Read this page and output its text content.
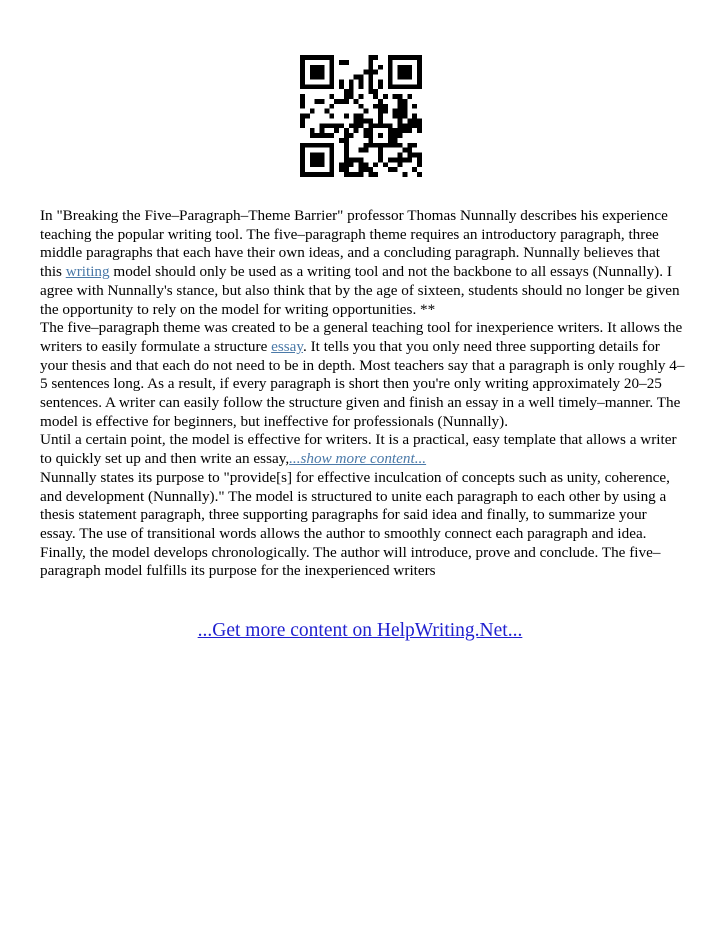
In "Breaking the Five–Paragraph–Theme Barrier" professor Thomas Nunnally describes his experience teaching the popular writing tool. The five–paragraph theme requires an introductory paragraph, three middle paragraphs that each have their own ideas, and a concluding paragraph. Nunnally believes that this writing model should only be used as a writing tool and not the backbone to all essays (Nunnally). I agree with Nunnally's stance, but also think that by the age of sixteen, students should no longer be given the opportunity to rely on the model for writing opportunities. **

The five–paragraph theme was created to be a general teaching tool for inexperience writers. It allows the writers to easily formulate a structure essay. It tells you that you only need three supporting details for your thesis and that each do not need to be in depth. Most teachers say that a paragraph is only roughly 4–5 sentences long. As a result, if every paragraph is short then you're only writing approximately 20–25 sentences. A writer can easily follow the structure given and finish an essay in a well timely–manner. The model is effective for beginners, but ineffective for professionals (Nunnally).

Until a certain point, the model is effective for writers. It is a practical, easy template that allows a writer to quickly set up and then write an essay,...show more content...

Nunnally states its purpose to "provide[s] for effective inculcation of concepts such as unity, coherence, and development (Nunnally)." The model is structured to unite each paragraph to each other by using a thesis statement paragraph, three supporting paragraphs for said idea and finally, to summarize your essay. The use of transitional words allows the author to smoothly connect each paragraph and idea. Finally, the model develops chronologically. The author will introduce, prove and conclude. The five–paragraph model fulfills its purpose for the inexperienced writers

...Get more content on HelpWriting.Net...
